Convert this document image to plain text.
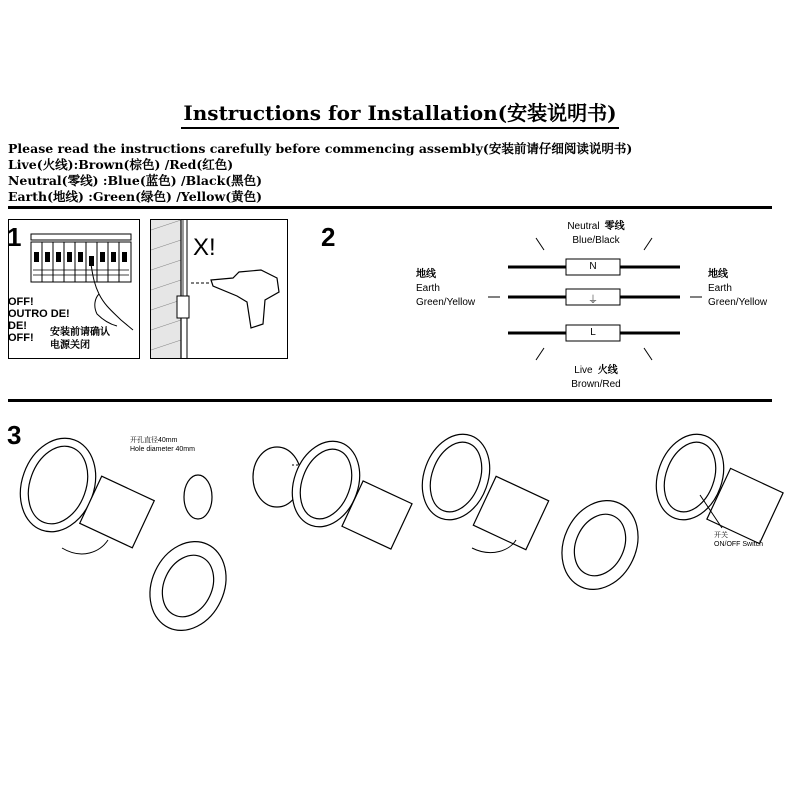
Instructions for Installation(安装说明书)
Please read the instructions carefully before commencing assembly(安装前请仔细阅读说明书)
Live(火线):Brown(棕色) /Red(红色)
Neutral(零线) :Blue(蓝色) /Black(黑色)
Earth(地线) :Green(绿色) /Yellow(黄色)
1
OFF!
OUTRO DE!
DE!
OFF!	安装前请确认
电源关闭
X!	2
N
⏚
L
Neutral 零线
Blue/Black
地线
Earth
Green/Yellow
地线
Earth
Green/Yellow
Live 火线
Brown/Red
3	开孔直径40mm
Hole diameter 40mm
开关
ON/OFF Switch
